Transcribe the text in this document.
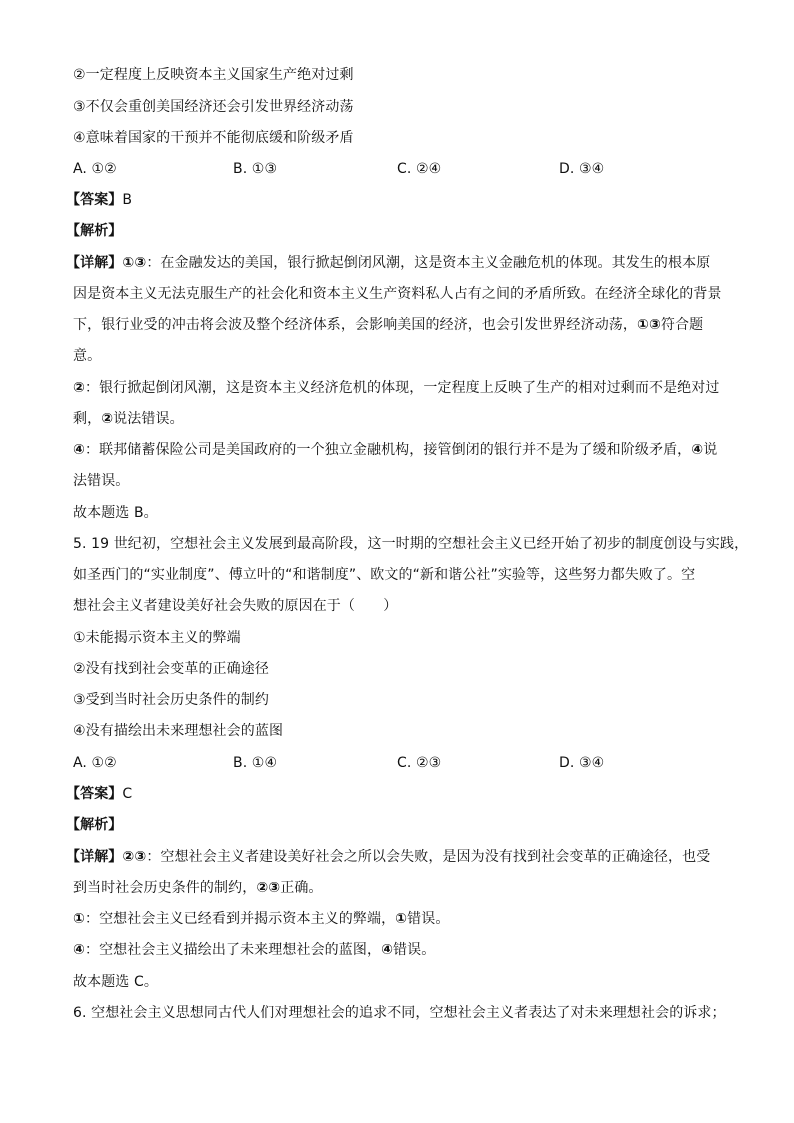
②一定程度上反映资本主义国家生产绝对过剩
③不仅会重创美国经济还会引发世界经济动荡
④意味着国家的干预并不能彻底缓和阶级矛盾
A. ①②	B. ①③	C. ②④	D. ③④
【答案】B
【解析】
【详解】①③：在金融发达的美国，银行掀起倒闭风潮，这是资本主义金融危机的体现。其发生的根本原
因是资本主义无法克服生产的社会化和资本主义生产资料私人占有之间的矛盾所致。在经济全球化的背景
下，银行业受的冲击将会波及整个经济体系，会影响美国的经济，也会引发世界经济动荡，①③符合题
意。
②：银行掀起倒闭风潮，这是资本主义经济危机的体现，一定程度上反映了生产的相对过剩而不是绝对过
剩，②说法错误。
④：联邦储蓄保险公司是美国政府的一个独立金融机构，接管倒闭的银行并不是为了缓和阶级矛盾，④说
法错误。
故本题选 B。
5. 19 世纪初，空想社会主义发展到最高阶段，这一时期的空想社会主义已经开始了初步的制度创设与实践，
如圣西门的“实业制度”、傅立叶的“和谐制度”、欧文的“新和谐公社”实验等，这些努力都失败了。空
想社会主义者建设美好社会失败的原因在于（　　）
①未能揭示资本主义的弊端
②没有找到社会变革的正确途径
③受到当时社会历史条件的制约
④没有描绘出未来理想社会的蓝图
A. ①②	B. ①④	C. ②③	D. ③④
【答案】C
【解析】
【详解】②③：空想社会主义者建设美好社会之所以会失败，是因为没有找到社会变革的正确途径，也受
到当时社会历史条件的制约，②③正确。
①：空想社会主义已经看到并揭示资本主义的弊端，①错误。
④：空想社会主义描绘出了未来理想社会的蓝图，④错误。
故本题选 C。
6. 空想社会主义思想同古代人们对理想社会的追求不同，空想社会主义者表达了对未来理想社会的诉求；
